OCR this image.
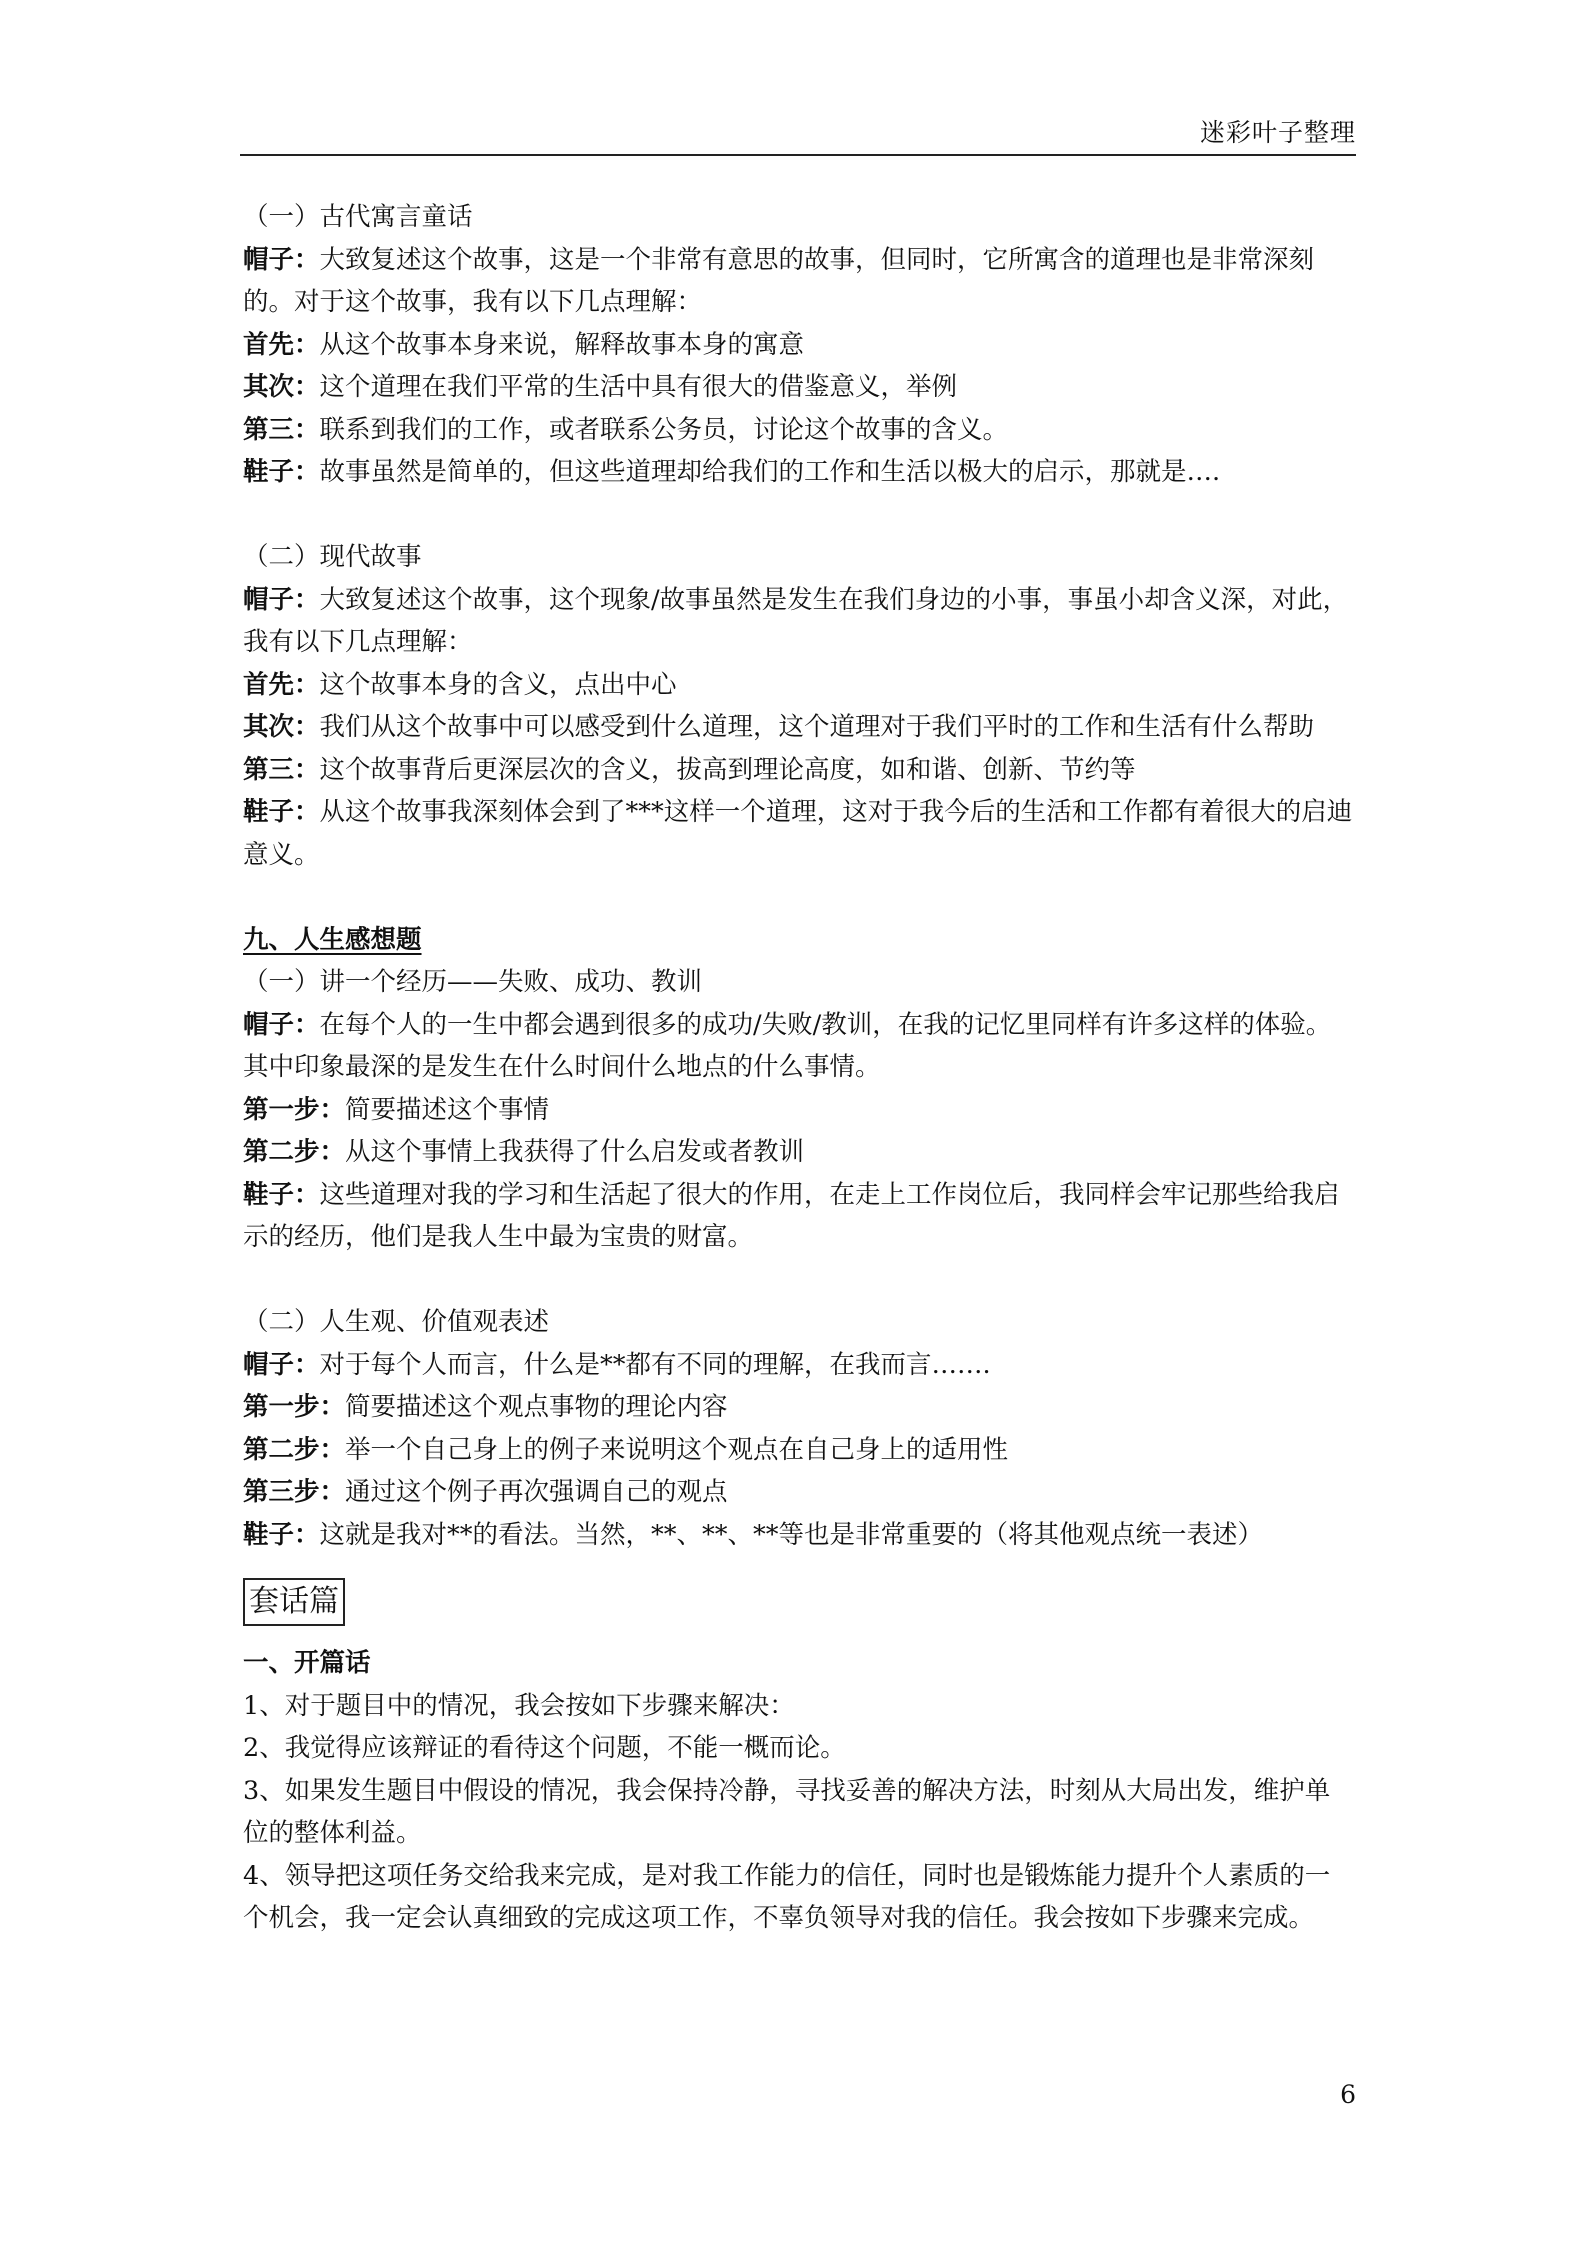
迷彩叶子整理

（一）古代寓言童话

帽子：大致复述这个故事，这是一个非常有意思的故事，但同时，它所寓含的道理也是非常深刻的。对于这个故事，我有以下几点理解：

首先：从这个故事本身来说，解释故事本身的寓意

其次：这个道理在我们平常的生活中具有很大的借鉴意义，举例

第三：联系到我们的工作，或者联系公务员，讨论这个故事的含义。

鞋子：故事虽然是简单的，但这些道理却给我们的工作和生活以极大的启示，那就是….

（二）现代故事

帽子：大致复述这个故事，这个现象/故事虽然是发生在我们身边的小事，事虽小却含义深，对此，我有以下几点理解：

首先：这个故事本身的含义，点出中心

其次：我们从这个故事中可以感受到什么道理，这个道理对于我们平时的工作和生活有什么帮助

第三：这个故事背后更深层次的含义，拔高到理论高度，如和谐、创新、节约等

鞋子：从这个故事我深刻体会到了***这样一个道理，这对于我今后的生活和工作都有着很大的启迪意义。

九、人生感想题

（一）讲一个经历——失败、成功、教训

帽子：在每个人的一生中都会遇到很多的成功/失败/教训，在我的记忆里同样有许多这样的体验。其中印象最深的是发生在什么时间什么地点的什么事情。

第一步：简要描述这个事情

第二步：从这个事情上我获得了什么启发或者教训

鞋子：这些道理对我的学习和生活起了很大的作用，在走上工作岗位后，我同样会牢记那些给我启示的经历，他们是我人生中最为宝贵的财富。

（二）人生观、价值观表述

帽子：对于每个人而言，什么是**都有不同的理解，在我而言…….

第一步：简要描述这个观点事物的理论内容

第二步：举一个自己身上的例子来说明这个观点在自己身上的适用性

第三步：通过这个例子再次强调自己的观点

鞋子：这就是我对**的看法。当然，**、**、**等也是非常重要的（将其他观点统一表述）

套话篇

一、开篇话

1、对于题目中的情况，我会按如下步骤来解决：

2、我觉得应该辩证的看待这个问题，不能一概而论。

3、如果发生题目中假设的情况，我会保持冷静，寻找妥善的解决方法，时刻从大局出发，维护单位的整体利益。

4、领导把这项任务交给我来完成，是对我工作能力的信任，同时也是锻炼能力提升个人素质的一个机会，我一定会认真细致的完成这项工作，不辜负领导对我的信任。我会按如下步骤来完成。

6
